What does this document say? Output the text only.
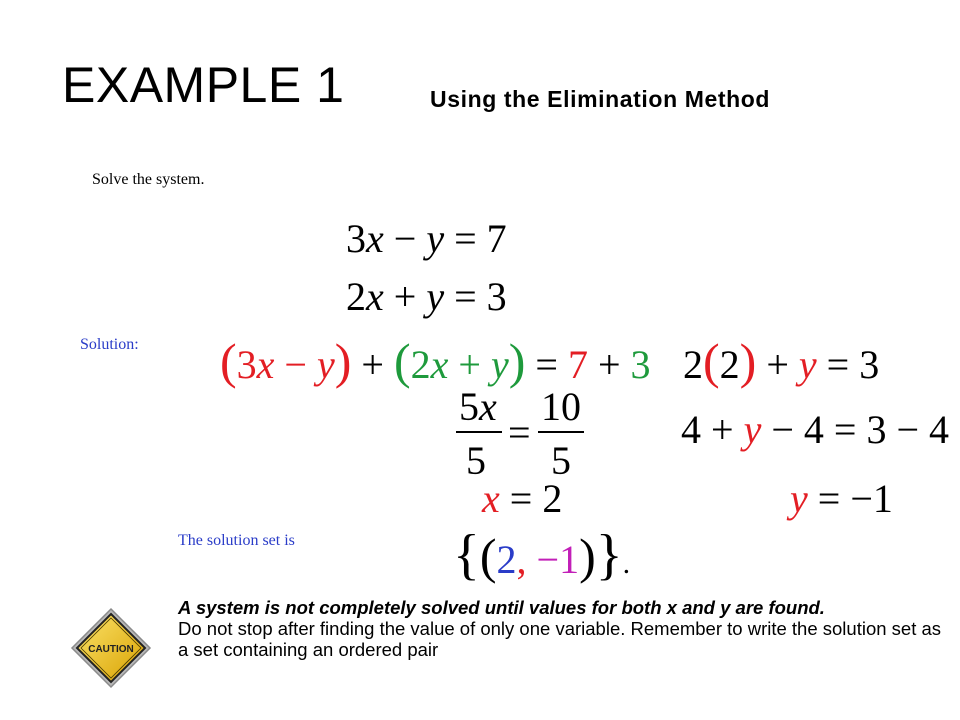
EXAMPLE 1	Using the Elimination Method
Solve the system.
Solution:
The solution set is
3x − y = 7
2x + y = 3
(3x − y) + (2x + y) = 7 + 3
5x
5
=
10
5
x = 2
2(2) + y = 3
4 + y − 4 = 3 − 4
y = −1
{(2, −1)}.
CAUTION
A system is not completely solved until values for both x and y are found.
Do not stop after finding the value of only one variable. Remember to write the solution set as a set containing an ordered pair
